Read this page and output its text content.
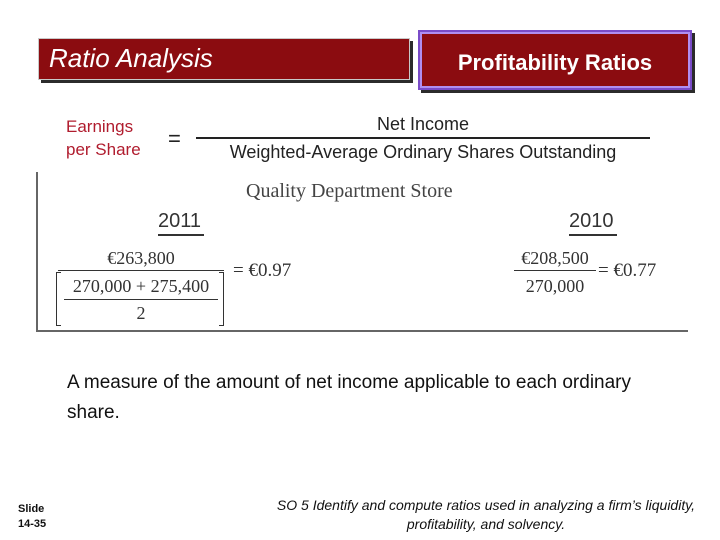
Ratio Analysis	Profitability Ratios
Earnings
per Share =
Net Income
Weighted-Average Ordinary Shares Outstanding
Quality Department Store
2011	2010
€263,800
270,000 + 275,400
2
= €0.97
€208,500
270,000
= €0.77
A measure of the amount of net income applicable to each ordinary share.
Slide
14-35
SO 5 Identify and compute ratios used in analyzing a firm’s liquidity, profitability, and solvency.
